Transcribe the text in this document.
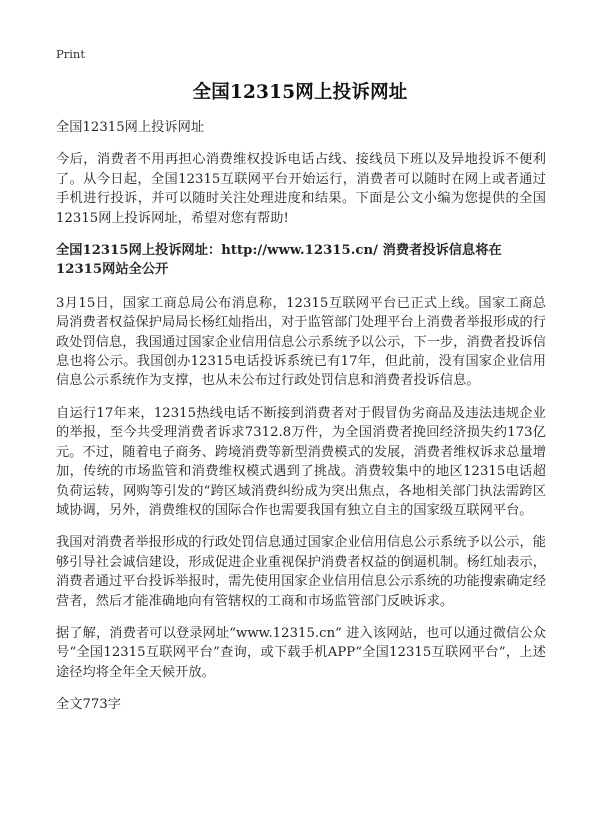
Print
全国12315网上投诉网址

全国12315网上投诉网址

今后，消费者不用再担心消费维权投诉电话占线、接线员下班以及异地投诉不便利了。从今日起，全国12315互联网平台开始运行，消费者可以随时在网上或者通过手机进行投诉，并可以随时关注处理进度和结果。下面是公文小编为您提供的全国12315网上投诉网址，希望对您有帮助!

全国12315网上投诉网址：http://www.12315.cn/ 消费者投诉信息将在12315网站全公开

3月15日，国家工商总局公布消息称，12315互联网平台已正式上线。国家工商总局消费者权益保护局局长杨红灿指出，对于监管部门处理平台上消费者举报形成的行政处罚信息，我国通过国家企业信用信息公示系统予以公示，下一步，消费者投诉信息也将公示。我国创办12315电话投诉系统已有17年，但此前，没有国家企业信用信息公示系统作为支撑，也从未公布过行政处罚信息和消费者投诉信息。

自运行17年来，12315热线电话不断接到消费者对于假冒伪劣商品及违法违规企业的举报，至今共受理消费者诉求7312.8万件，为全国消费者挽回经济损失约173亿元。不过，随着电子商务、跨境消费等新型消费模式的发展，消费者维权诉求总量增加，传统的市场监管和消费维权模式遇到了挑战。消费较集中的地区12315电话超负荷运转，网购等引发的“跨区域消费纠纷成为突出焦点，各地相关部门执法需跨区域协调，另外，消费维权的国际合作也需要我国有独立自主的国家级互联网平台。

我国对消费者举报形成的行政处罚信息通过国家企业信用信息公示系统予以公示，能够引导社会诚信建设，形成促进企业重视保护消费者权益的倒逼机制。杨红灿表示，消费者通过平台投诉举报时，需先使用国家企业信用信息公示系统的功能搜索确定经营者，然后才能准确地向有管辖权的工商和市场监管部门反映诉求。

据了解，消费者可以登录网址“www.12315.cn” 进入该网站，也可以通过微信公众号“全国12315互联网平台”查询，或下载手机APP“全国12315互联网平台”，上述途径均将全年全天候开放。

全文773字
